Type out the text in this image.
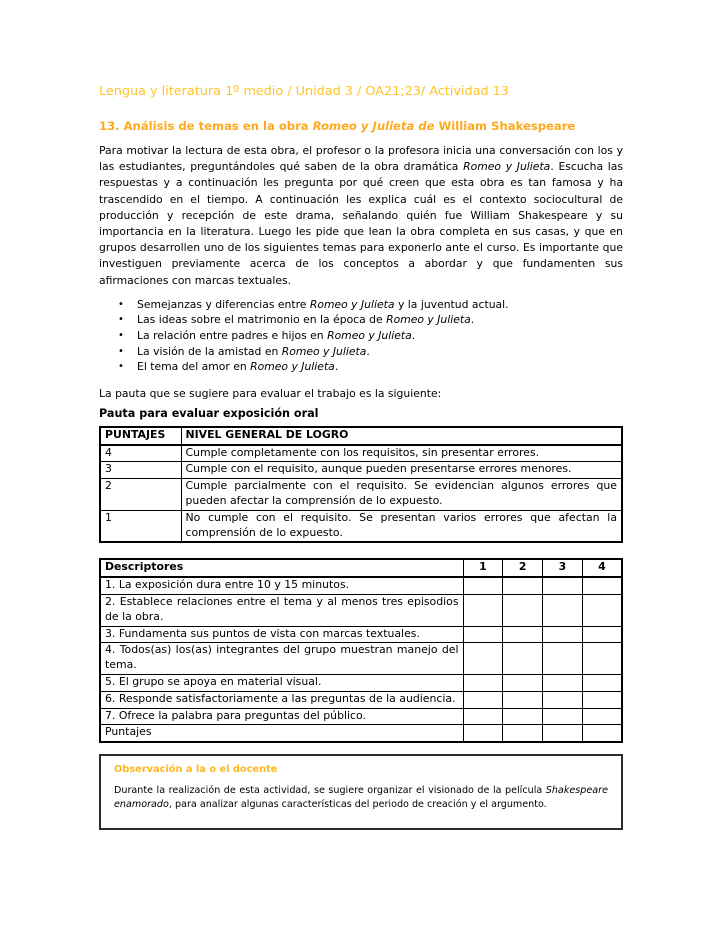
Lengua y literatura 1º medio / Unidad 3 / OA21;23/ Actividad 13
13. Análisis de temas en la obra Romeo y Julieta de William Shakespeare

Para motivar la lectura de esta obra, el profesor o la profesora inicia una conversación con los y las estudiantes, preguntándoles qué saben de la obra dramática Romeo y Julieta. Escucha las respuestas y a continuación les pregunta por qué creen que esta obra es tan famosa y ha trascendido en el tiempo. A continuación les explica cuál es el contexto sociocultural de producción y recepción de este drama, señalando quién fue William Shakespeare y su importancia en la literatura. Luego les pide que lean la obra completa en sus casas, y que en grupos desarrollen uno de los siguientes temas para exponerlo ante el curso. Es importante que investiguen previamente acerca de los conceptos a abordar y que fundamenten sus afirmaciones con marcas textuales.

• Semejanzas y diferencias entre Romeo y Julieta y la juventud actual.
• Las ideas sobre el matrimonio en la época de Romeo y Julieta.
• La relación entre padres e hijos en Romeo y Julieta.
• La visión de la amistad en Romeo y Julieta.
• El tema del amor en Romeo y Julieta.

La pauta que se sugiere para evaluar el trabajo es la siguiente:

Pauta para evaluar exposición oral

PUNTAJES	NIVEL GENERAL DE LOGRO
4	Cumple completamente con los requisitos, sin presentar errores.
3	Cumple con el requisito, aunque pueden presentarse errores menores.
2	Cumple parcialmente con el requisito. Se evidencian algunos errores que pueden afectar la comprensión de lo expuesto.
1	No cumple con el requisito. Se presentan varios errores que afectan la comprensión de lo expuesto.
Descriptores	1	2	3	4
1. La exposición dura entre 10 y 15 minutos.				
2. Establece relaciones entre el tema y al menos tres episodios de la obra.				
3. Fundamenta sus puntos de vista con marcas textuales.				
4. Todos(as) los(as) integrantes del grupo muestran manejo del tema.				
5. El grupo se apoya en material visual.				
6. Responde satisfactoriamente a las preguntas de la audiencia.				
7. Ofrece la palabra para preguntas del público.				
Puntajes				
Observación a la o el docente

Durante la realización de esta actividad, se sugiere organizar el visionado de la película Shakespeare enamorado, para analizar algunas características del periodo de creación y el argumento.
